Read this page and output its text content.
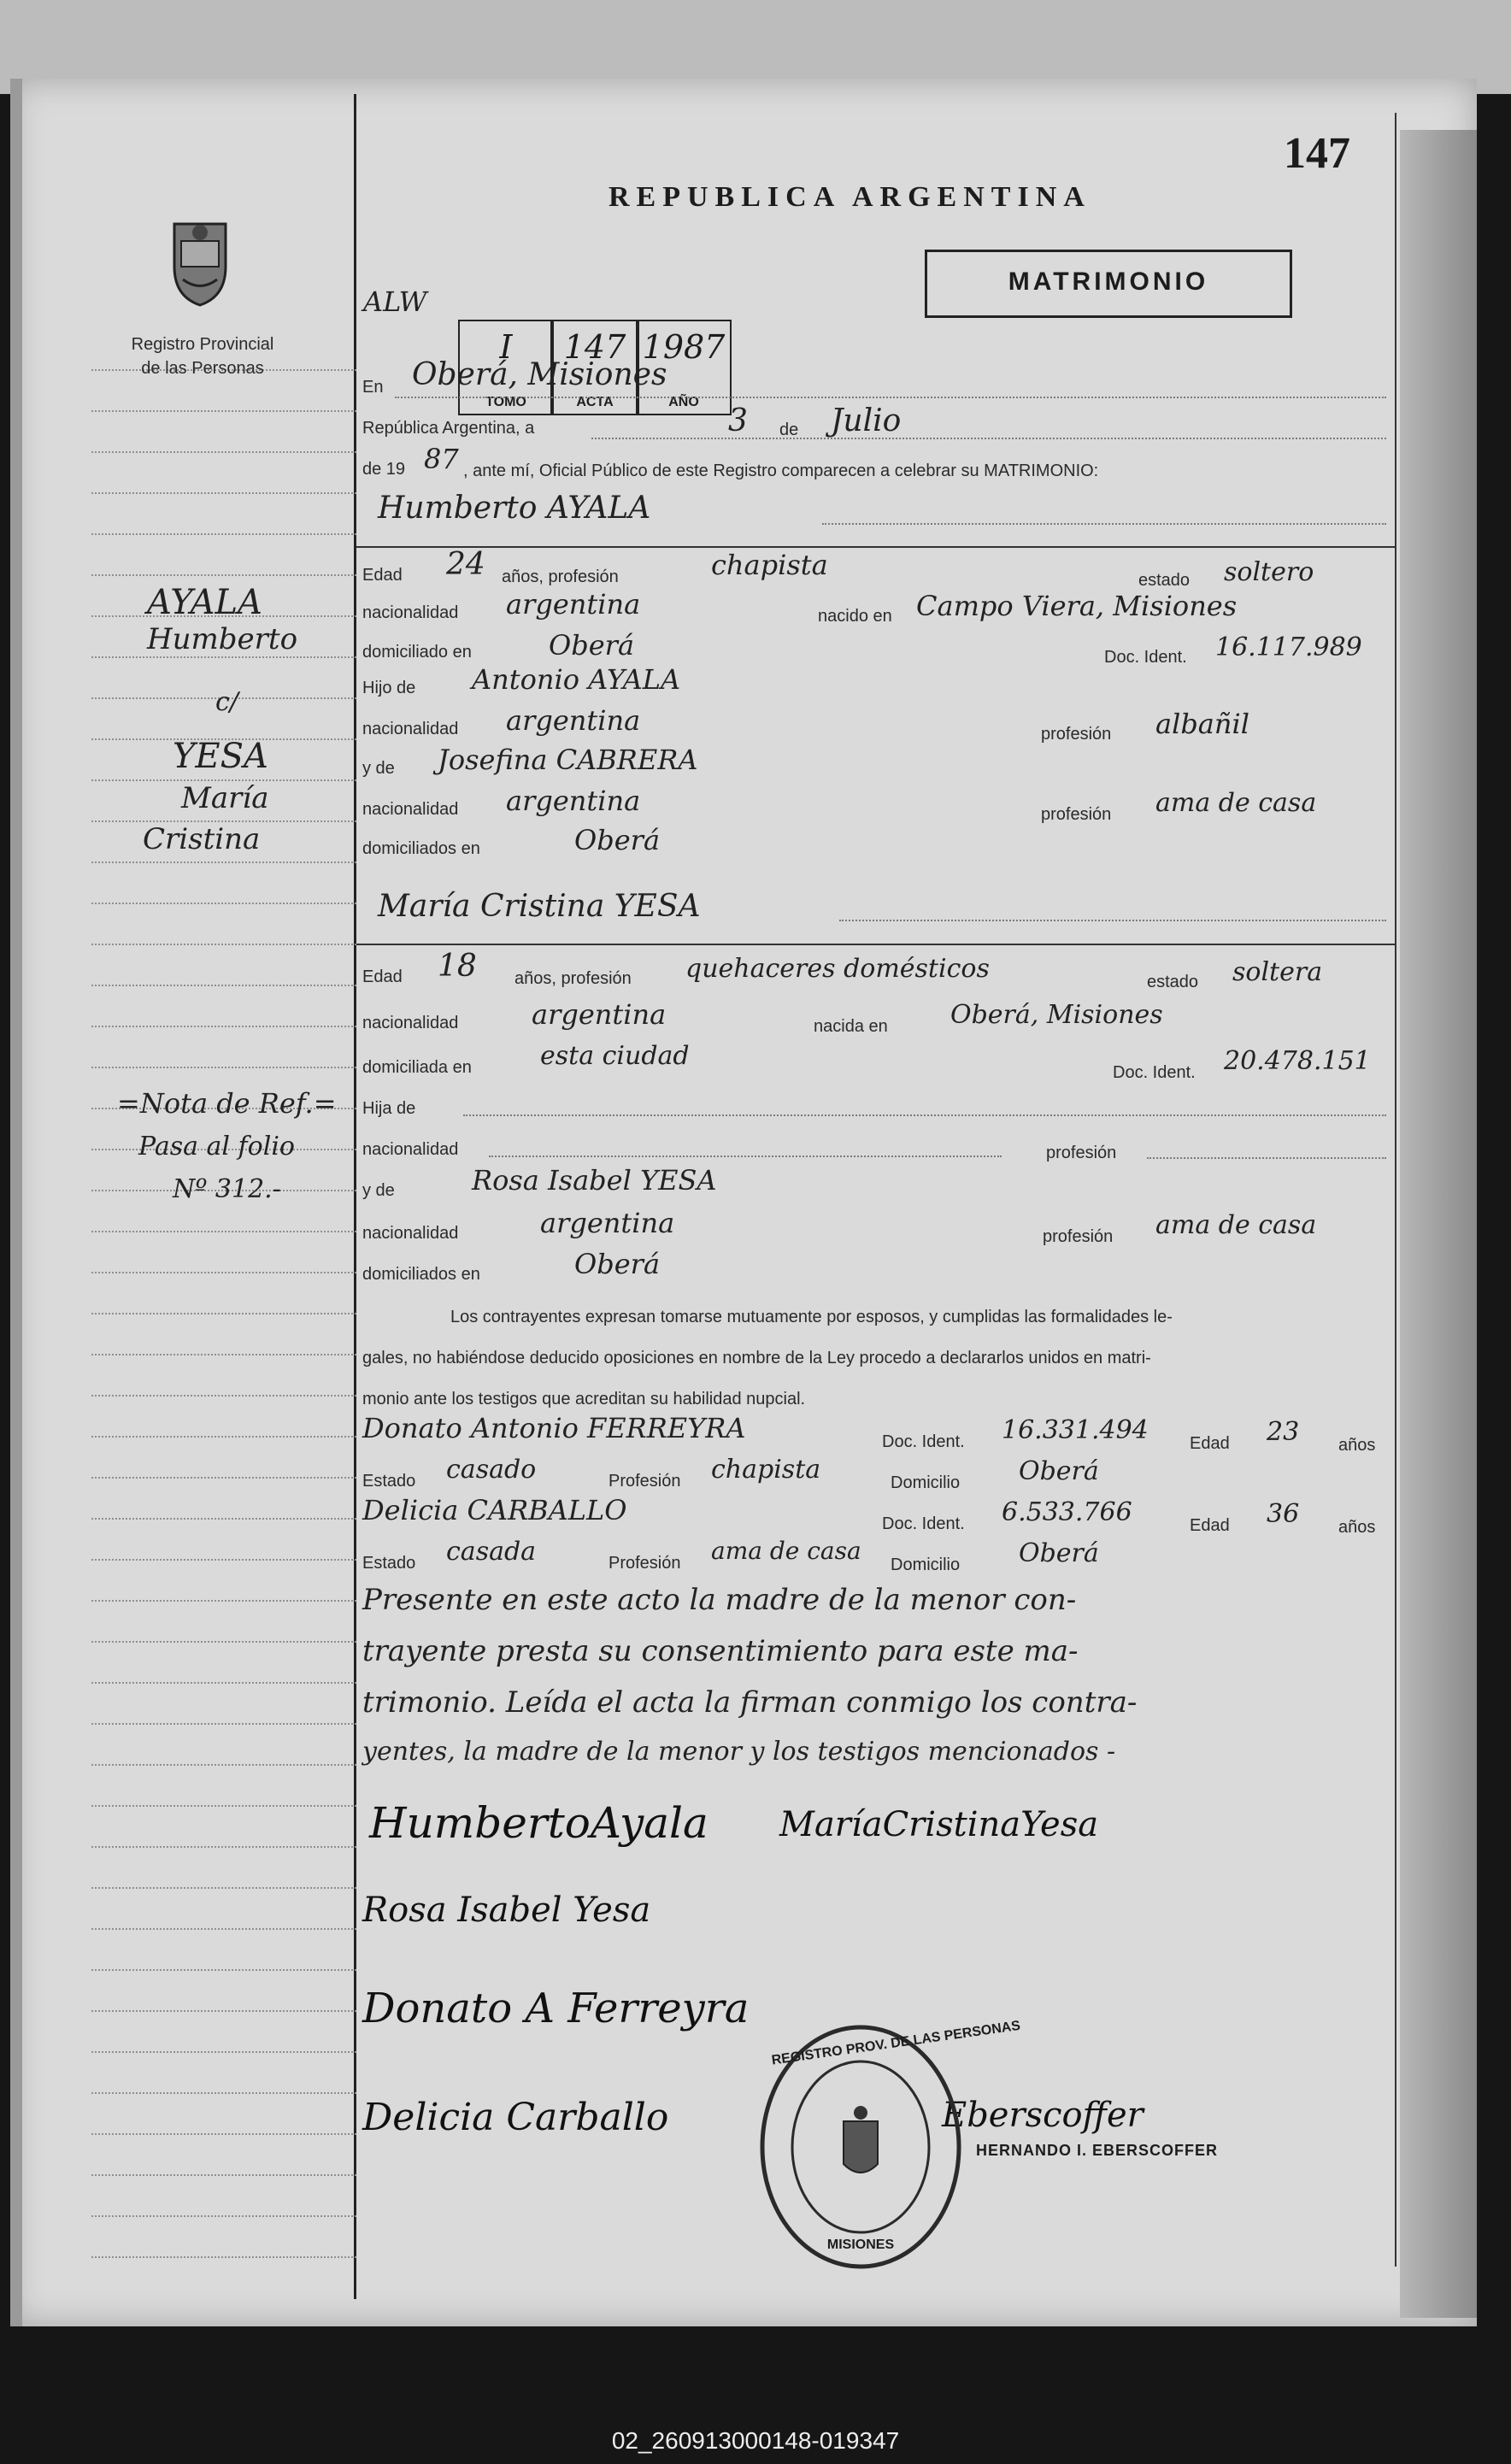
Registro Provincial
de las Personas
147
REPUBLICA ARGENTINA
MATRIMONIO
ALW
I
TOMO
147
ACTA
1987
AÑO
En Oberá, Misiones
República Argentina, a	3 de Julio
de 19 87 , ante mí, Oficial Público de este Registro comparecen a celebrar su MATRIMONIO:
Humberto AYALA
Edad 24 años, profesión	chapista	estado soltero
nacionalidad argentina	nacido en Campo Viera, Misiones
domiciliado en	Oberá	Doc. Ident. 16.117.989
Hijo de Antonio AYALA
nacionalidad argentina	profesión albañil
y de Josefina CABRERA
nacionalidad argentina	profesión ama de casa
domiciliados en	Oberá
María Cristina YESA
Edad 18 años, profesión quehaceres domésticos	estado soltera
nacionalidad	argentina	nacida en Oberá, Misiones
domiciliada en	esta ciudad
Doc. Ident. 20.478.151
Hija de
nacionalidad	profesión
y de	Rosa Isabel YESA
nacionalidad	argentina	profesión ama de casa
domiciliados en	Oberá
Los contrayentes expresan tomarse mutuamente por esposos, y cumplidas las formalidades le-
gales, no habiéndose deducido oposiciones en nombre de la Ley procedo a declararlos unidos en matri-
monio ante los testigos que acreditan su habilidad nupcial.
Donato Antonio FERREYRA	Doc. Ident. 16.331.494 Edad 23 años
Estado casado	Profesión chapista	Domicilio Oberá
Delicia CARBALLO	Doc. Ident. 6.533.766	Edad 36 años
Estado casada	Profesión ama de casa Domicilio Oberá
Presente en este acto la madre de la menor con-
trayente presta su consentimiento para este ma-
trimonio. Leída el acta la firman conmigo los contra-
yentes, la madre de la menor y los testigos mencionados -
AYALA
Humberto
c/
YESA
María
Cristina
=Nota de Ref.=
Pasa al folio
Nº 312.-
HumbertoAyala MaríaCristinaYesa
Rosa Isabel Yesa
Donato A Ferreyra
Delicia Carballo	Eberscoffer
HERNANDO I. EBERSCOFFER
REGISTRO PROV. DE LAS PERSONAS
MISIONES
02_260913000148-019347
